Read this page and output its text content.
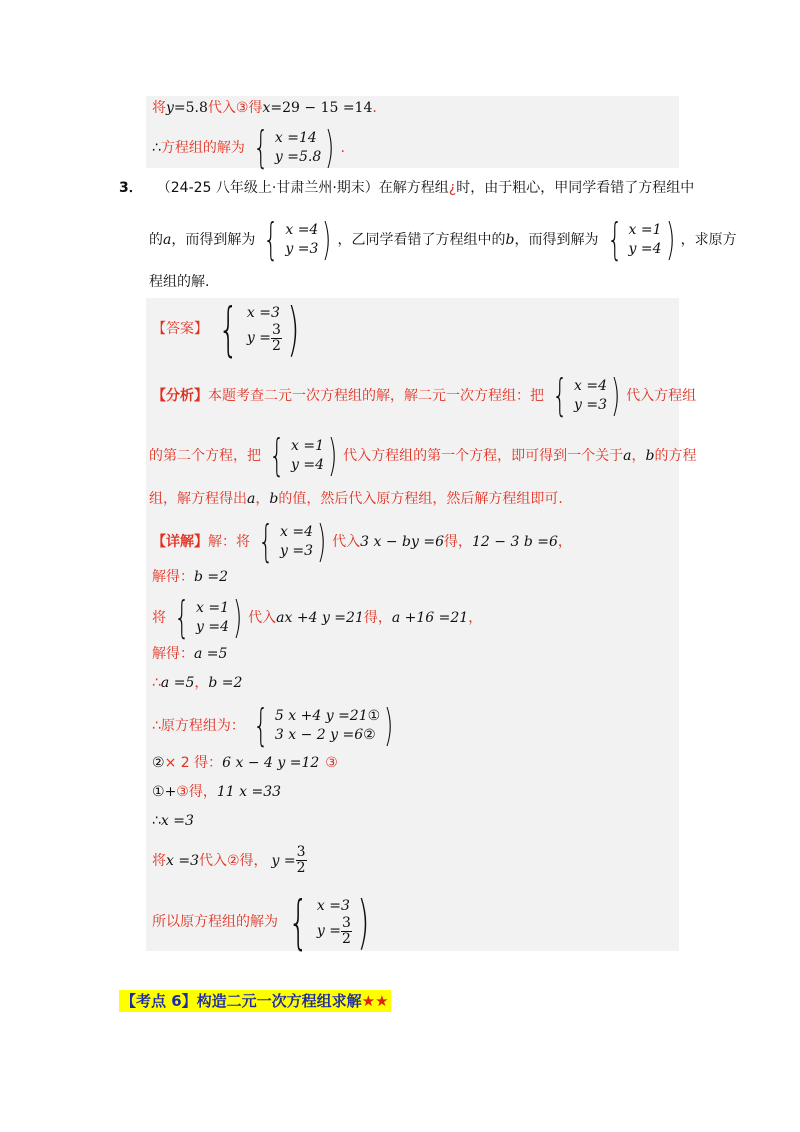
将 y =5.8 代入 ③ 得 x =29 − 15 =14 .
∴ 方程组的解为 { x =14
y =5.8 ) .
3． （24-25 八年级上·甘肃兰州·期末）在解方程组 ¿ 时，由于粗心，甲同学看错了方程组中
的 a ，而得到解为 { x =4
y =3 ) ，乙同学看错了方程组中的 b ，而得到解为 { x =1
y =4 ) ，求原方
程组的解.
【答案】 { x =3
$y = \frac{3}{2}$ )
【分析】 本题考查二元一次方程组的解，解二元一次方程组：把 { x =4
y =3 ) 代入方程组
的第二个方程，把 { x =1
y =4 ) 代入方程组的第一个方程，即可得到一个关于 a ， b 的方程
组，解方程得出 a ， b 的值，然后代入原方程组，然后解方程组即可.
【详解】 解：将 { x =4
y =3 ) 代入 3 x − by =6 得， 12 − 3 b =6 ，
解得： b =2
将 { x =1
y =4 ) 代入 ax +4 y =21 得， a +16 =21 ，
解得： a =5
∴ a =5 ， b =2
∴ 原方程组为： { 5 x +4 y =21①
3 x − 2 y =6② )
② × 2 得： 6 x − 4 y =12 ③
① + ③ 得， 11 x =33
∴ x =3
将 x =3 代入 ② 得， $y = \frac{3}{2}$
所以原方程组的解为 { x =3
$y = \frac{3}{2}$ )
【考点 6】构造二元一次方程组求解★★
